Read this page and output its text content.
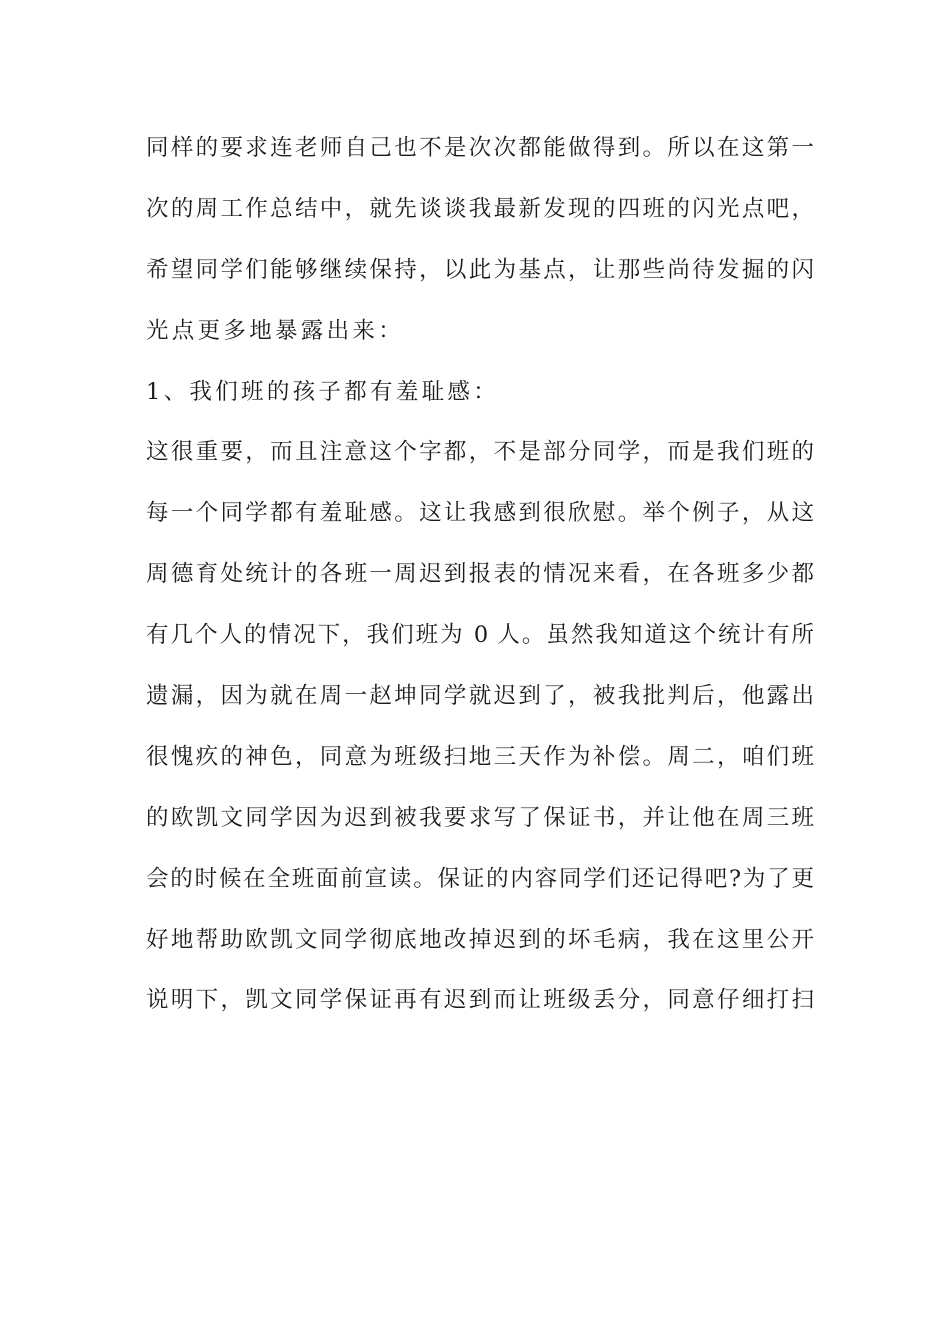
同样的要求连老师自己也不是次次都能做得到。所以在这第一
次的周工作总结中，就先谈谈我最新发现的四班的闪光点吧，
希望同学们能够继续保持，以此为基点，让那些尚待发掘的闪
光点更多地暴露出来：
1、我们班的孩子都有羞耻感：
这很重要，而且注意这个字都，不是部分同学，而是我们班的
每一个同学都有羞耻感。这让我感到很欣慰。举个例子，从这
周德育处统计的各班一周迟到报表的情况来看，在各班多少都
有几个人的情况下，我们班为 0 人。虽然我知道这个统计有所
遗漏，因为就在周一赵坤同学就迟到了，被我批判后，他露出
很愧疚的神色，同意为班级扫地三天作为补偿。周二，咱们班
的欧凯文同学因为迟到被我要求写了保证书，并让他在周三班
会的时候在全班面前宣读。保证的内容同学们还记得吧?为了更
好地帮助欧凯文同学彻底地改掉迟到的坏毛病，我在这里公开
说明下，凯文同学保证再有迟到而让班级丢分，同意仔细打扫
